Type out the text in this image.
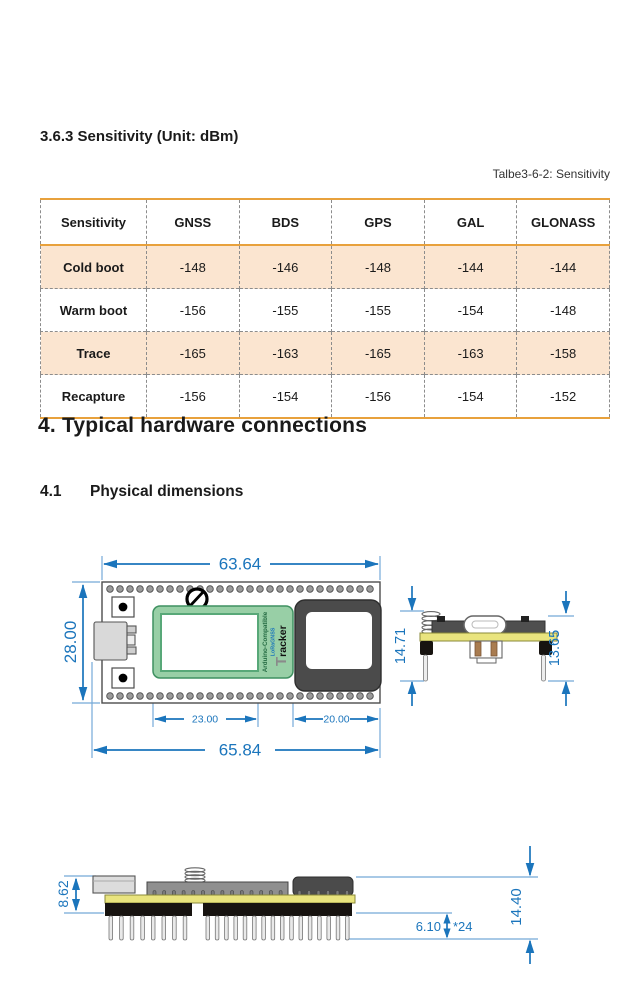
3.6.3 Sensitivity (Unit: dBm)
Talbe3-6-2: Sensitivity
Sensitivity	GNSS	BDS	GPS	GAL	GLONASS
Cold boot	-148	-146	-148	-144	-144
Warm boot	-156	-155	-155	-154	-148
Trace	-165	-163	-165	-163	-158
Recapture	-156	-154	-156	-154	-152
4. Typical hardware connections
4.1 Physical dimensions
Arduino-Compatible LoRaGNSS
Tracker
63.64
28.00
23.00	20.00
65.84
14.71	13.65
8.62
6.10 *24
14.40
